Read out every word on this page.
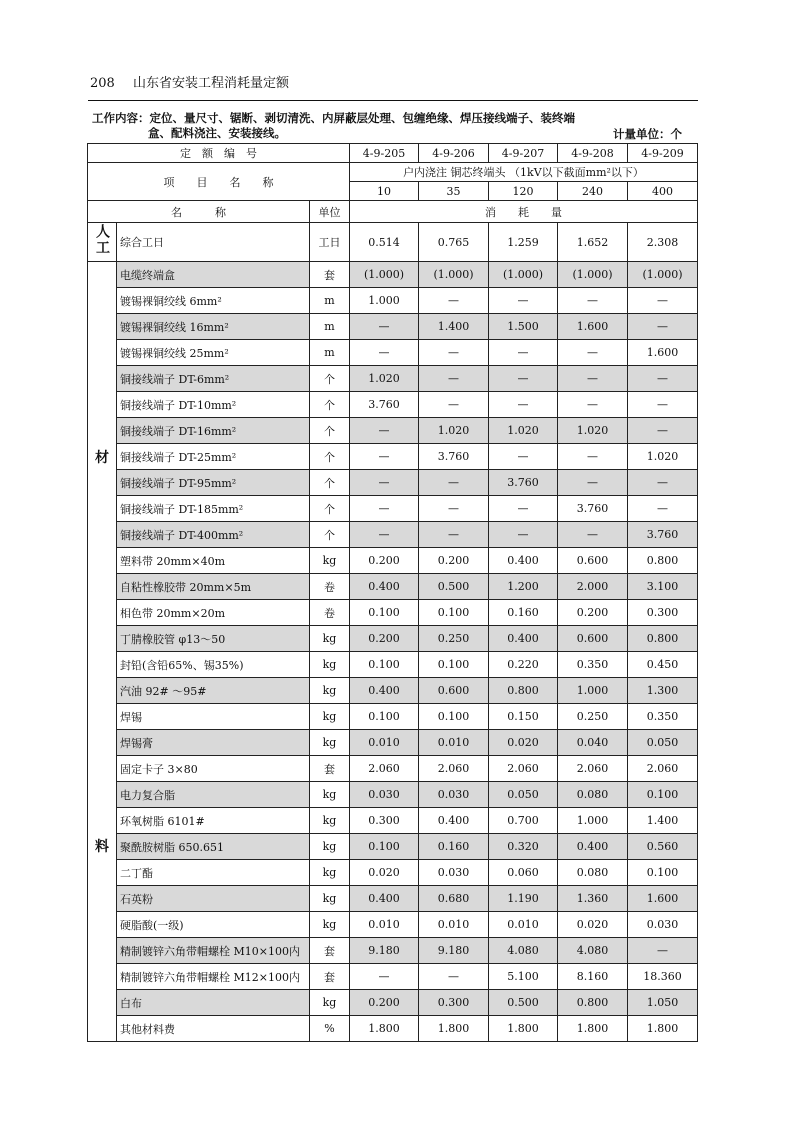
208 山东省安装工程消耗量定额
工作内容：定位、量尺寸、锯断、剥切清洗、内屏蔽层处理、包缠绝缘、焊压接线端子、装终端
盒、配料浇注、安装接线。	计量单位：个
定　额　编　号			4-9-205	4-9-206	4-9-207	4-9-208	4-9-209
项　　目　　名　　称			户内浇注 铜芯终端头 （1kV以下截面mm²以下）				
			10	35	120	240	400
名　　　称		单位	消　　耗　　量				
人工	综合工日	工日	0.514	0.765	1.259	1.652	2.308

材
料	电缆终端盒	套	(1.000)	(1.000)	(1.000)	(1.000)	(1.000)
	镀锡裸铜绞线 6mm²	m	1.000	—	—	—	—
	镀锡裸铜绞线 16mm²	m	—	1.400	1.500	1.600	—
	镀锡裸铜绞线 25mm²	m	—	—	—	—	1.600
	铜接线端子 DT-6mm²	个	1.020	—	—	—	—
	铜接线端子 DT-10mm²	个	3.760	—	—	—	—
	铜接线端子 DT-16mm²	个	—	1.020	1.020	1.020	—
	铜接线端子 DT-25mm²	个	—	3.760	—	—	1.020
	铜接线端子 DT-95mm²	个	—	—	3.760	—	—
	铜接线端子 DT-185mm²	个	—	—	—	3.760	—
	铜接线端子 DT-400mm²	个	—	—	—	—	3.760
	塑料带 20mm×40m	kg	0.200	0.200	0.400	0.600	0.800
	自粘性橡胶带 20mm×5m	卷	0.400	0.500	1.200	2.000	3.100
	相色带 20mm×20m	卷	0.100	0.100	0.160	0.200	0.300
	丁腈橡胶管 φ13～50	kg	0.200	0.250	0.400	0.600	0.800
	封铅(含铅65%、锡35%)	kg	0.100	0.100	0.220	0.350	0.450
	汽油 92# ～95#	kg	0.400	0.600	0.800	1.000	1.300
	焊锡	kg	0.100	0.100	0.150	0.250	0.350
	焊锡膏	kg	0.010	0.010	0.020	0.040	0.050
	固定卡子 3×80	套	2.060	2.060	2.060	2.060	2.060
	电力复合脂	kg	0.030	0.030	0.050	0.080	0.100
	环氧树脂 6101#	kg	0.300	0.400	0.700	1.000	1.400
	聚酰胺树脂 650.651	kg	0.100	0.160	0.320	0.400	0.560
	二丁酯	kg	0.020	0.030	0.060	0.080	0.100
	石英粉	kg	0.400	0.680	1.190	1.360	1.600
	硬脂酸(一级)	kg	0.010	0.010	0.010	0.020	0.030
	精制镀锌六角带帽螺栓 M10×100内	套	9.180	9.180	4.080	4.080	—
	精制镀锌六角带帽螺栓 M12×100内	套	—	—	5.100	8.160	18.360
	白布	kg	0.200	0.300	0.500	0.800	1.050
	其他材料费	%	1.800	1.800	1.800	1.800	1.800
